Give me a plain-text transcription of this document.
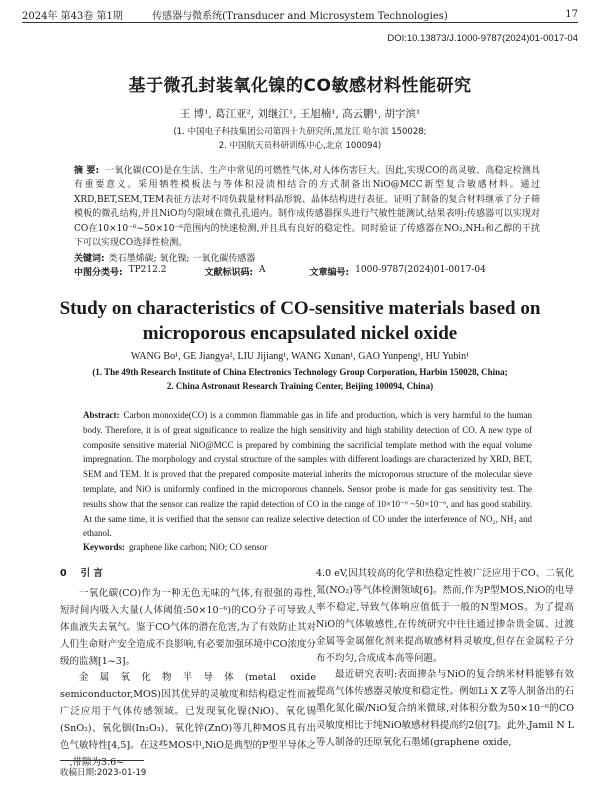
2024年 第43卷 第1期	传感器与微系统(Transducer and Microsystem Technologies)	17
DOI:10.13873/J.1000-9787(2024)01-0017-04
基于微孔封装氧化镍的CO敏感材料性能研究
王 博¹, 葛江亚², 刘继江¹, 王旭楠¹, 高云鹏¹, 胡宇滨¹
(1. 中国电子科技集团公司第四十九研究所,黑龙江 哈尔滨 150028;
2. 中国航天员科研训练中心,北京 100094)
摘 要: 一氧化碳(CO)是在生活、生产中常见的可燃性气体,对人体伤害巨大。因此,实现CO的高灵敏、高稳定检测具有重要意义。采用牺牲模板法与等体积浸渍相结合的方式制备出NiO@MCC新型复合敏感材料。通过XRD,BET,SEM,TEM表征方法对不同负载量材料晶形貌、晶体结构进行表征。证明了制备的复合材料继承了分子筛模板的微孔结构,并且NiO均匀限域在微孔孔道内。制作成传感器探头进行气敏性能测试,结果表明:传感器可以实现对CO在10×10⁻⁶~50×10⁻⁶范围内的快速检测,并且具有良好的稳定性。同时验证了传感器在NO₂,NH₃和乙醇的干扰下可以实现CO选择性检测。
关键词: 类石墨烯碳; 氧化镍; 一氧化碳传感器
中图分类号: TP212.2	文献标识码: A	文章编号: 1000-9787(2024)01-0017-04
Study on characteristics of CO-sensitive materials based on microporous encapsulated nickel oxide
WANG Bo¹, GE Jiangya², LIU Jijiang¹, WANG Xunan¹, GAO Yunpeng¹, HU Yubin¹
(1. The 49th Research Institute of China Electronics Technology Group Corporation, Harbin 150028, China;
2. China Astronaut Research Training Center, Beijing 100094, China)
Abstract: Carbon monoxide(CO) is a common flammable gas in life and production, which is very harmful to the human body. Therefore, it is of great significance to realize the high sensitivity and high stability detection of CO. A new type of composite sensitive material NiO@MCC is prepared by combining the sacrificial template method with the equal volume impregnation. The morphology and crystal structure of the samples with different loadings are characterized by XRD, BET, SEM and TEM. It is proved that the prepared composite material inherits the microporous structure of the molecular sieve template, and NiO is uniformly confined in the microporous channels. Sensor probe is made for gas sensitivity test. The results show that the sensor can realize the rapid detection of CO in the range of 10×10⁻⁶ ~50×10⁻⁶, and has good stability. At the same time, it is verified that the sensor can realize selective detection of CO under the interference of NO₂, NH₃ and ethanol.
Keywords: graphene like carbon; NiO; CO sensor
0 引 言

一氧化碳(CO)作为一种无色无味的气体,有很强的毒性,短时间内吸入大量(人体阈值:50×10⁻⁶)的CO分子可导致人体血液失去氧气。鉴于CO气体的潜在危害,为了有效防止其对人们生命财产安全造成不良影响,有必要加强环境中CO浓度分级的监测[1~3]。

金属氧化物半导体(metal oxide semiconductor,MOS)因其优异的灵敏度和结构稳定性而被广泛应用于气体传感领域。已发现氧化镍(NiO)、氧化锡(SnO₂)、氧化铟(In₂O₃)、氧化锌(ZnO)等几种MOS具有出色气敏特性[4,5]。在这些MOS中,NiO是典型的P型半导体之一,带隙为3.6~

4.0 eV,因其较高的化学和热稳定性被广泛应用于CO、二氧化氮(NO₂)等气体检测领域[6]。然而,作为P型MOS,NiO的电导率不稳定,导致气体响应值低于一般的N型MOS。为了提高NiO的气体敏感性,在传统研究中往往通过掺杂贵金属、过渡金属等金属催化剂来提高敏感材料灵敏度,但存在金属粒子分布不均匀,合成成本高等问题。

最近研究表明:表面掺杂与NiO的复合纳米材料能够有效提高气体传感器灵敏度和稳定性。例如Li X Z等人制备出的石墨化氮化碳/NiO复合纳米微球,对体积分数为50×10⁻⁶的CO灵敏度相比于纯NiO敏感材料提高约2倍[7]。此外,Jamil N L等人制备的还原氧化石墨烯(graphene oxide,

收稿日期:2023-01-19
